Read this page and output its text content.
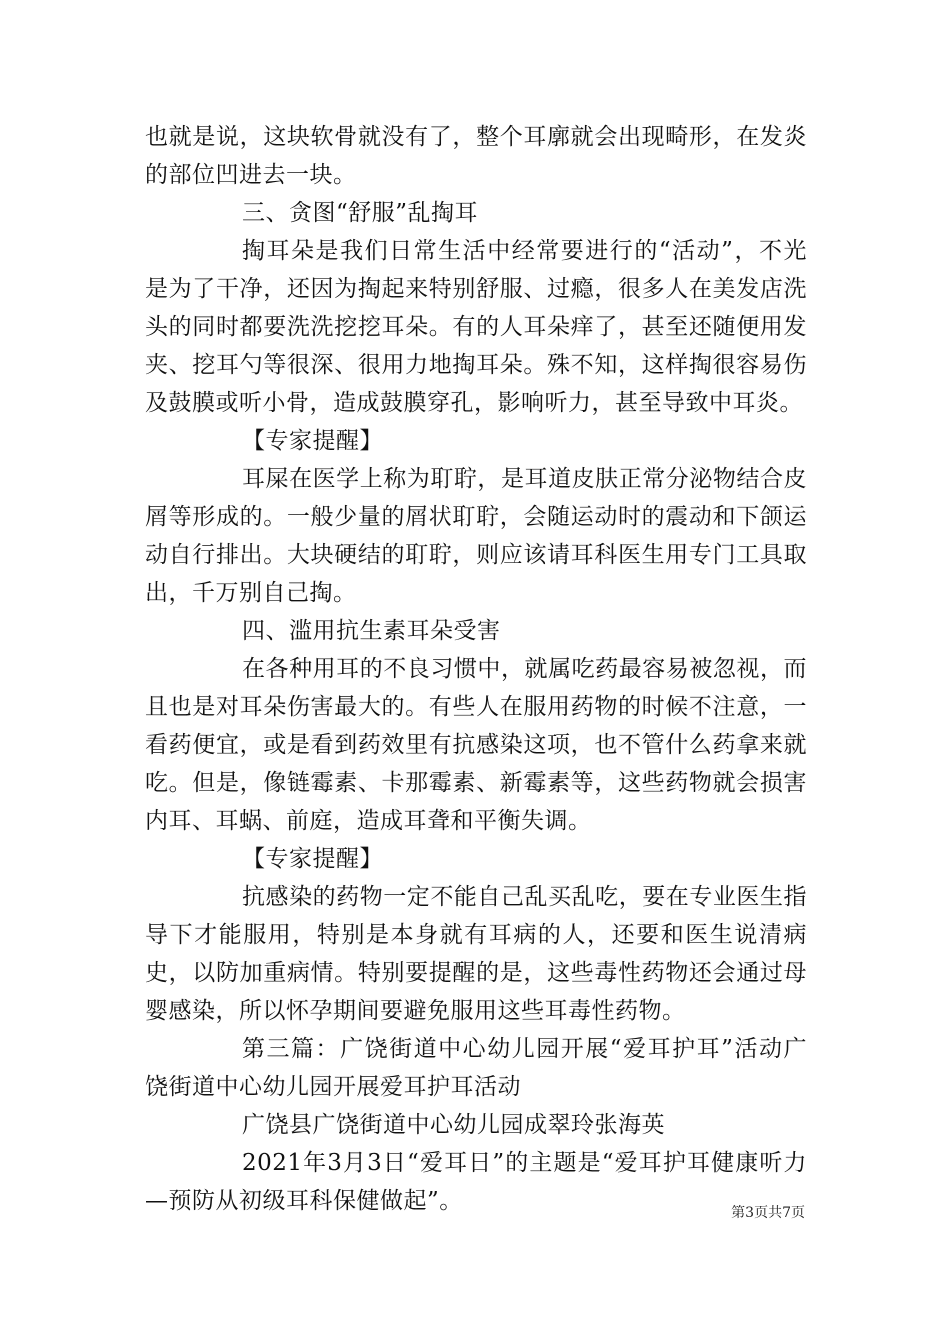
也就是说，这块软骨就没有了，整个耳廓就会出现畸形，在发炎的部位凹进去一块。

三、贪图“舒服”乱掏耳

掏耳朵是我们日常生活中经常要进行的“活动”，不光是为了干净，还因为掏起来特别舒服、过瘾，很多人在美发店洗头的同时都要洗洗挖挖耳朵。有的人耳朵痒了，甚至还随便用发夹、挖耳勺等很深、很用力地掏耳朵。殊不知，这样掏很容易伤及鼓膜或听小骨，造成鼓膜穿孔，影响听力，甚至导致中耳炎。

【专家提醒】

耳屎在医学上称为耵聍，是耳道皮肤正常分泌物结合皮屑等形成的。一般少量的屑状耵聍，会随运动时的震动和下颌运动自行排出。大块硬结的耵聍，则应该请耳科医生用专门工具取出，千万别自己掏。

四、滥用抗生素耳朵受害

在各种用耳的不良习惯中，就属吃药最容易被忽视，而且也是对耳朵伤害最大的。有些人在服用药物的时候不注意，一看药便宜，或是看到药效里有抗感染这项，也不管什么药拿来就吃。但是，像链霉素、卡那霉素、新霉素等，这些药物就会损害内耳、耳蜗、前庭，造成耳聋和平衡失调。

【专家提醒】

抗感染的药物一定不能自己乱买乱吃，要在专业医生指导下才能服用，特别是本身就有耳病的人，还要和医生说清病史，以防加重病情。特别要提醒的是，这些毒性药物还会通过母婴感染，所以怀孕期间要避免服用这些耳毒性药物。

第三篇：广饶街道中心幼儿园开展“爱耳护耳”活动广饶街道中心幼儿园开展爱耳护耳活动

广饶县广饶街道中心幼儿园成翠玲张海英

2021年3月3日“爱耳日”的主题是“爱耳护耳健康听力—预防从初级耳科保健做起”。	第3页共7页
